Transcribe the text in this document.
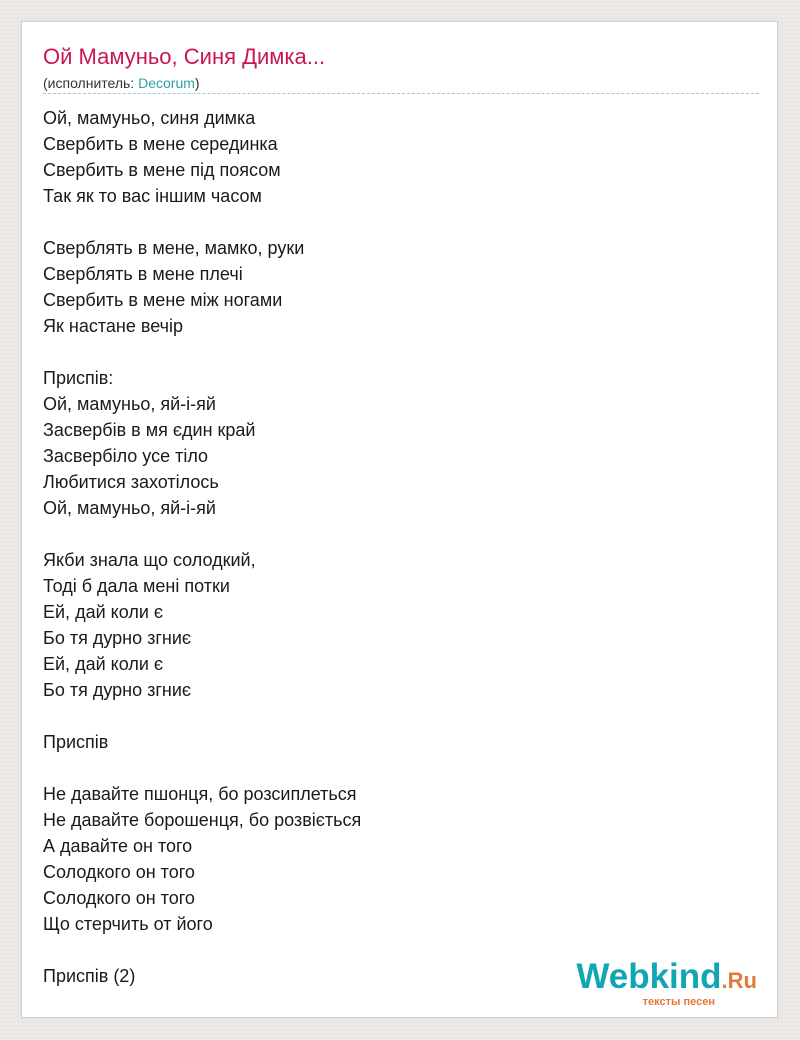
Ой Мамуньо, Синя Димка...
(исполнитель: Decorum)
Ой, мамуньо, синя димка
Свербить в мене серединка
Свербить в мене під поясом
Так як то вас іншим часом
Сверблять в мене, мамко, руки
Сверблять в мене плечі
Свербить в мене між ногами
Як настане вечір
Приспів:
Ой, мамуньо, яй-і-яй
Засвербів в мя єдин край
Засвербіло усе тіло
Любитися захотілось
Ой, мамуньо, яй-і-яй
Якби знала що солодкий,
Тоді б дала мені потки
Ей, дай коли є
Бо тя дурно згниє
Ей, дай коли є
Бо тя дурно згниє
Приспів
Не давайте пшонця, бо розсиплеться
Не давайте борошенця, бо розвіється
А давайте он того
Солодкого он того
Солодкого он того
Що стерчить от його
Приспів (2)	Webkind.Ru
тексты песен
